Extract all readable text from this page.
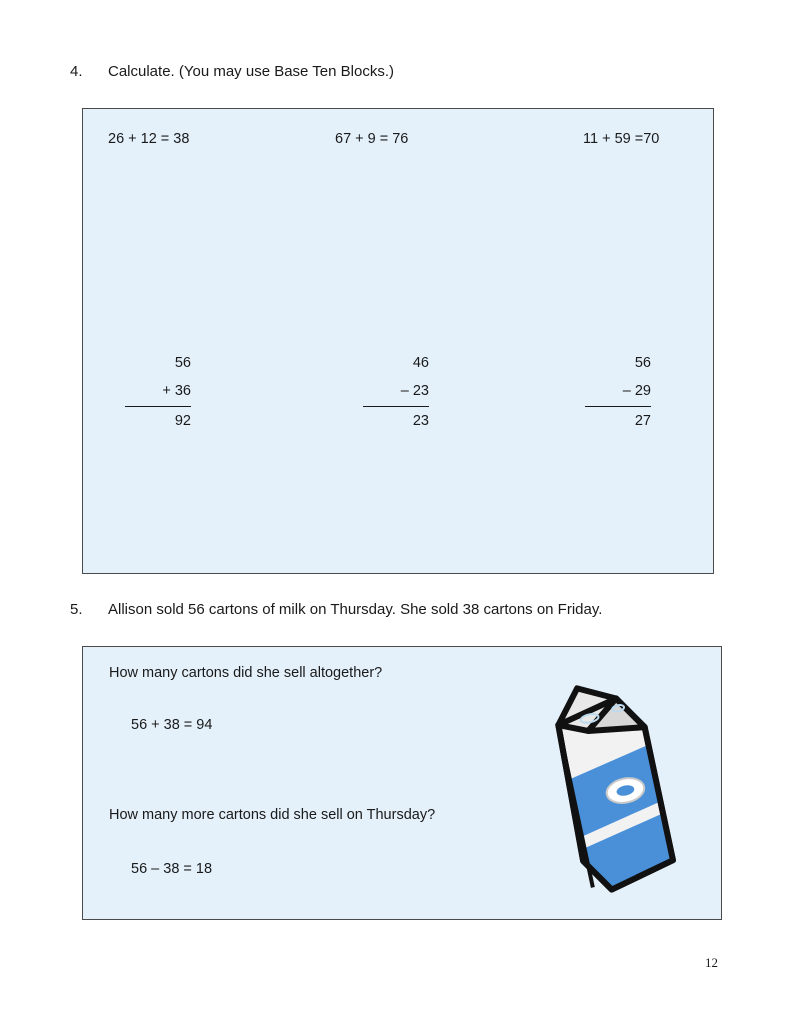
4.	Calculate. (You may use Base Ten Blocks.)
26 + 12 = 38	67 + 9 = 76	11 + 59 =70
56
+ 36
92
46
– 23
23
56
– 29
27
5.	Allison sold 56 cartons of milk on Thursday. She sold 38 cartons on Friday.
How many cartons did she sell altogether?
56 + 38 = 94
How many more cartons did she sell on Thursday?
56 – 38 = 18
12
